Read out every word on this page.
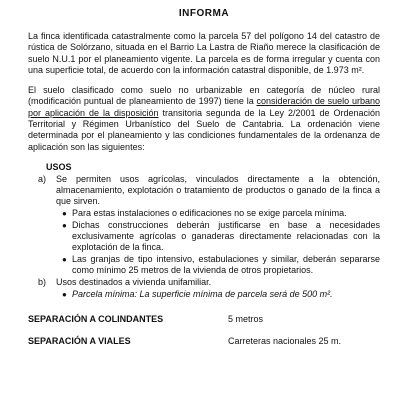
INFORMA

La finca identificada catastralmente como la parcela 57 del polígono 14 del catastro de rústica de Solórzano, situada en el Barrio La Lastra de Riaño merece la clasificación de suelo N.U.1 por el planeamiento vigente. La parcela es de forma irregular y cuenta con una superficie total, de acuerdo con la información catastral disponible, de 1.973 m².

El suelo clasificado como suelo no urbanizable en categoría de núcleo rural (modificación puntual de planeamiento de 1997) tiene la consideración de suelo urbano por aplicación de la disposición transitoria segunda de la Ley 2/2001 de Ordenación Territorial y Régimen Urbanístico del Suelo de Cantabria. La ordenación viene determinada por el planeamiento y las condiciones fundamentales de la ordenanza de aplicación son las siguientes:

USOS
a)	Se permiten usos agrícolas, vinculados directamente a la obtención, almacenamiento, explotación o tratamiento de productos o ganado de la finca a que sirven.
● Para estas instalaciones o edificaciones no se exige parcela mínima.
● Dichas construcciones deberán justificarse en base a necesidades exclusivamente agrícolas o ganaderas directamente relacionadas con la explotación de la finca.
● Las granjas de tipo intensivo, estabulaciones y similar, deberán separarse como mínimo 25 metros de la vivienda de otros propietarios.
b)	Usos destinados a vivienda unifamiliar.
● Parcela mínima: La superficie mínima de parcela será de 500 m².
SEPARACIÓN A COLINDANTES	5 metros
SEPARACIÓN A VIALES	Carreteras nacionales 25 m.
